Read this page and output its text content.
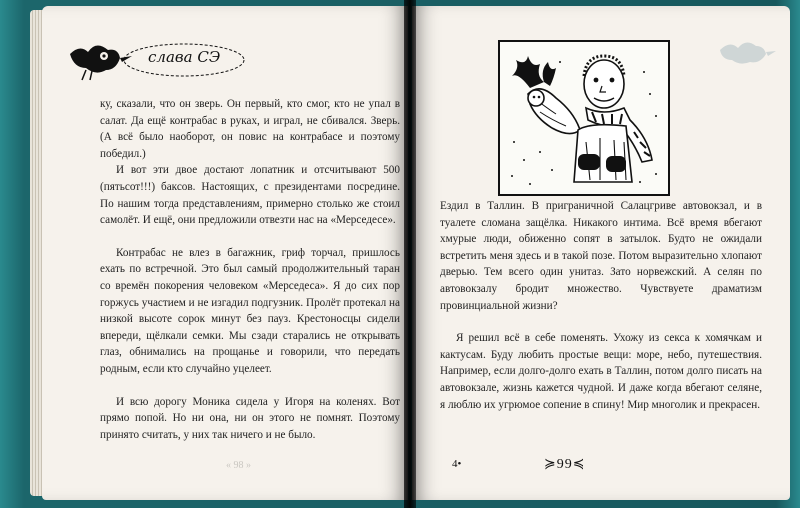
слава СЭ

ку, сказали, что он зверь. Он первый, кто смог, кто не упал в салат. Да ещё контрабас в руках, и играл, не сбивался. Зверь. (А всё было наоборот, он повис на контрабасе и поэтому победил.)

И вот эти двое достают лопатник и отсчитывают 500 (пятьсот!!!) баксов. Настоящих, с президентами посредине. По нашим тогда представлениям, примерно столько же стоил самолёт. И ещё, они предложили отвезти нас на «Мерседесе».

Контрабас не влез в багажник, гриф торчал, пришлось ехать по встречной. Это был самый продолжительный таран со времён покорения человеком «Мерседеса». Я до сих пор горжусь участием и не изгадил подгузник. Пролёт протекал на низкой высоте сорок минут без пауз. Крестоносцы сидели впереди, щёлкали семки. Мы сзади старались не открывать глаз, обнимались на прощанье и говорили, что передать родным, если кто случайно уцелеет.

И всю дорогу Моника сидела у Игоря на коленях. Вот прямо попой. Но ни она, ни он этого не помнят. Поэтому принято считать, у них так ничего и не было.

« 98 »

Ездил в Таллин. В приграничной Салацгриве автовокзал, и в туалете сломана защёлка. Никакого интима. Всё время вбегают хмурые люди, обиженно сопят в затылок. Будто не ожидали встретить меня здесь и в такой позе. Потом выразительно хлопают дверью. Тем всего один унитаз. Зато норвежский. А селян по автовокзалу бродит множество. Чувствуете драматизм провинциальной жизни?

Я решил всё в себе поменять. Ухожу из секса к хомячкам и кактусам. Буду любить простые вещи: море, небо, путешествия. Например, если долго-долго ехать в Таллин, потом долго писать на автовокзале, жизнь кажется чудной. И даже когда вбегают селяне, я люблю их угрюмое сопение в спину! Мир многолик и прекрасен.

4•	≽99≼
